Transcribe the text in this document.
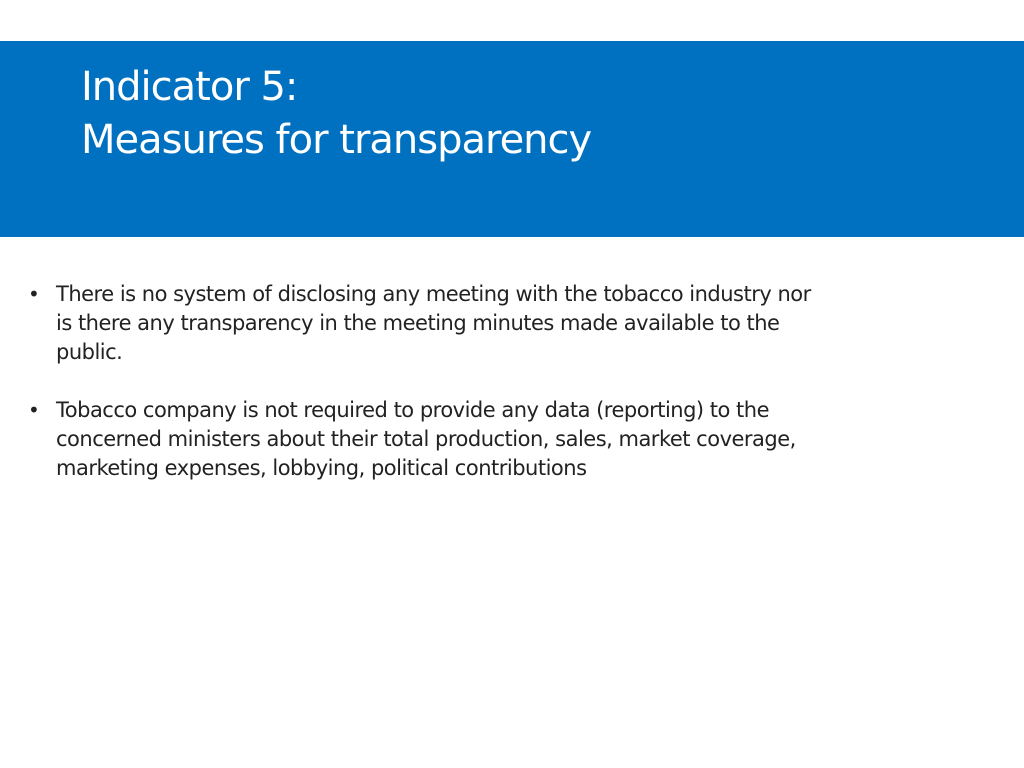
Indicator 5:
Measures for transparency
• There is no system of disclosing any meeting with the tobacco industry nor is there any transparency in the meeting minutes made available to the public.
• Tobacco company is not required to provide any data (reporting) to the concerned ministers about their total production, sales, market coverage, marketing expenses, lobbying, political contributions
